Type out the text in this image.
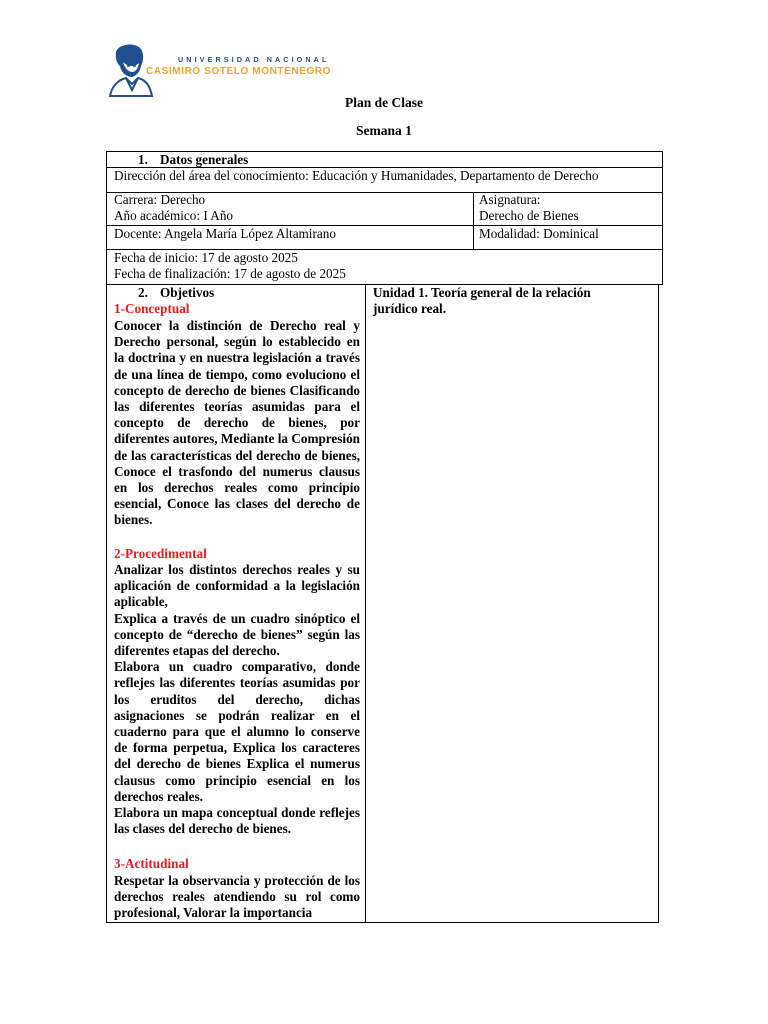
UNIVERSIDAD NACIONAL
CASIMIRO SOTELO MONTENEGRO
Plan de Clase
Semana 1
1. Datos generales
Dirección del área del conocimiento: Educación y Humanidades, Departamento de Derecho
Carrera: Derecho
Año académico: I Año
Asignatura:
Derecho de Bienes
Docente: Angela María López Altamirano	Modalidad: Dominical
Fecha de inicio: 17 de agosto 2025
Fecha de finalización: 17 de agosto de 2025
2. Objetivos
1-Conceptual
Conocer la distinción de Derecho real y Derecho personal, según lo establecido en la doctrina y en nuestra legislación a través de una línea de tiempo, como evoluciono el concepto de derecho de bienes Clasificando las diferentes teorías asumidas para el concepto de derecho de bienes, por diferentes autores, Mediante la Compresión de las características del derecho de bienes, Conoce el trasfondo del numerus clausus en los derechos reales como principio esencial, Conoce las clases del derecho de bienes.
2-Procedimental
Analizar los distintos derechos reales y su aplicación de conformidad a la legislación aplicable,
Explica a través de un cuadro sinóptico el concepto de “derecho de bienes” según las diferentes etapas del derecho.
Elabora un cuadro comparativo, donde reflejes las diferentes teorías asumidas por los eruditos del derecho, dichas asignaciones se podrán realizar en el cuaderno para que el alumno lo conserve de forma perpetua, Explica los caracteres del derecho de bienes Explica el numerus clausus como principio esencial en los derechos reales.
Elabora un mapa conceptual donde reflejes las clases del derecho de bienes.
3-Actitudinal
Respetar la observancia y protección de los derechos reales atendiendo su rol como profesional, Valorar la importancia
Unidad 1. Teoría general de la relación jurídico real.
